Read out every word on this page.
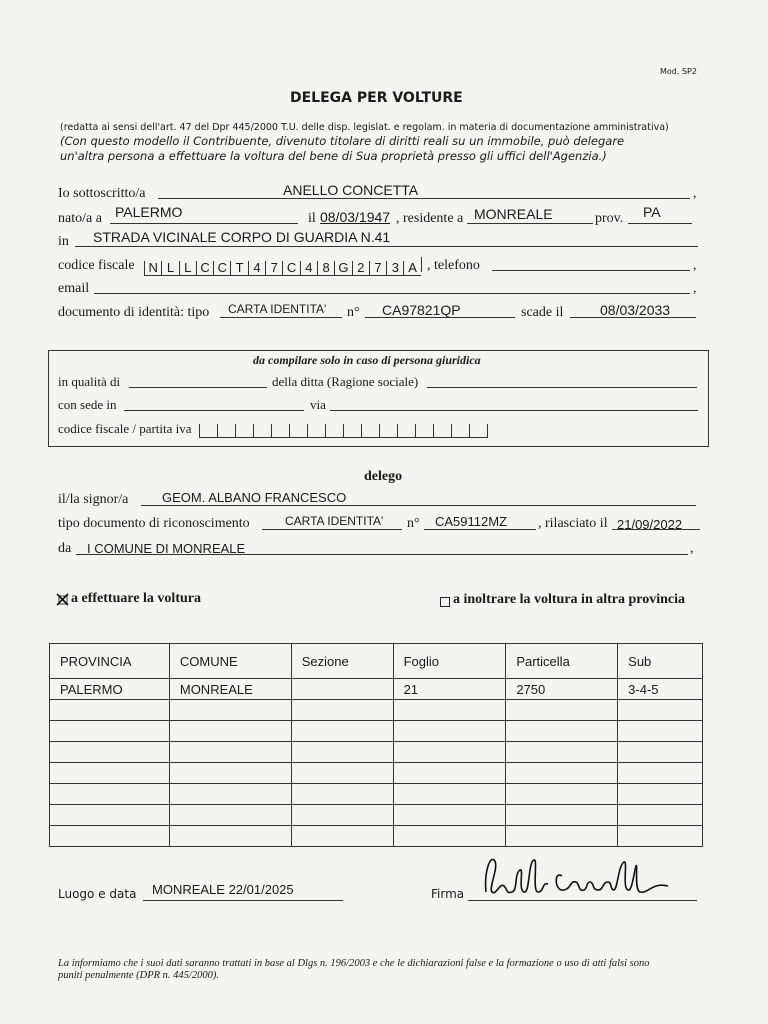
Mod. SP2
DELEGA PER VOLTURE
(redatta ai sensi dell'art. 47 del Dpr 445/2000 T.U. delle disp. legislat. e regolam. in materia di documentazione amministrativa)
(Con questo modello il Contribuente, divenuto titolare di diritti reali su un immobile, può delegare
un'altra persona a effettuare la voltura del bene di Sua proprietà presso gli uffici dell'Agenzia.)
Io sottoscritto/a	ANELLO CONCETTA	,
nato/a a PALERMO	il 08/03/1947 , residente a MONREALE	prov. PA
in STRADA VICINALE CORPO DI GUARDIA N.41
codice fiscale	N L L C C T 4 7 C 4 8 G 2 7 3 A , telefono	,
email	,
documento di identità: tipo CARTA IDENTITA' n° CA97821QP	scade il	08/03/2033
da compilare solo in caso di persona giuridica
in qualità di	della ditta (Ragione sociale)
con sede in	via
codice fiscale / partita iva
delego
il/la signor/a	GEOM. ALBANO FRANCESCO
tipo documento di riconoscimento	CARTA IDENTITA' n° CA59112MZ , rilasciato il 21/09/2022
da I COMUNE DI MONREALE	,
a effettuare la voltura	a inoltrare la voltura in altra provincia
PROVINCIA	COMUNE	Sezione	Foglio	Particella	Sub
PALERMO	MONREALE		21	2750	3-4-5

Luogo e data MONREALE 22/01/2025	Firma
La informiamo che i suoi dati saranno trattati in base al Dlgs n. 196/2003 e che le dichiarazioni false e la formazione o uso di atti falsi sono
puniti penalmente (DPR n. 445/2000).
